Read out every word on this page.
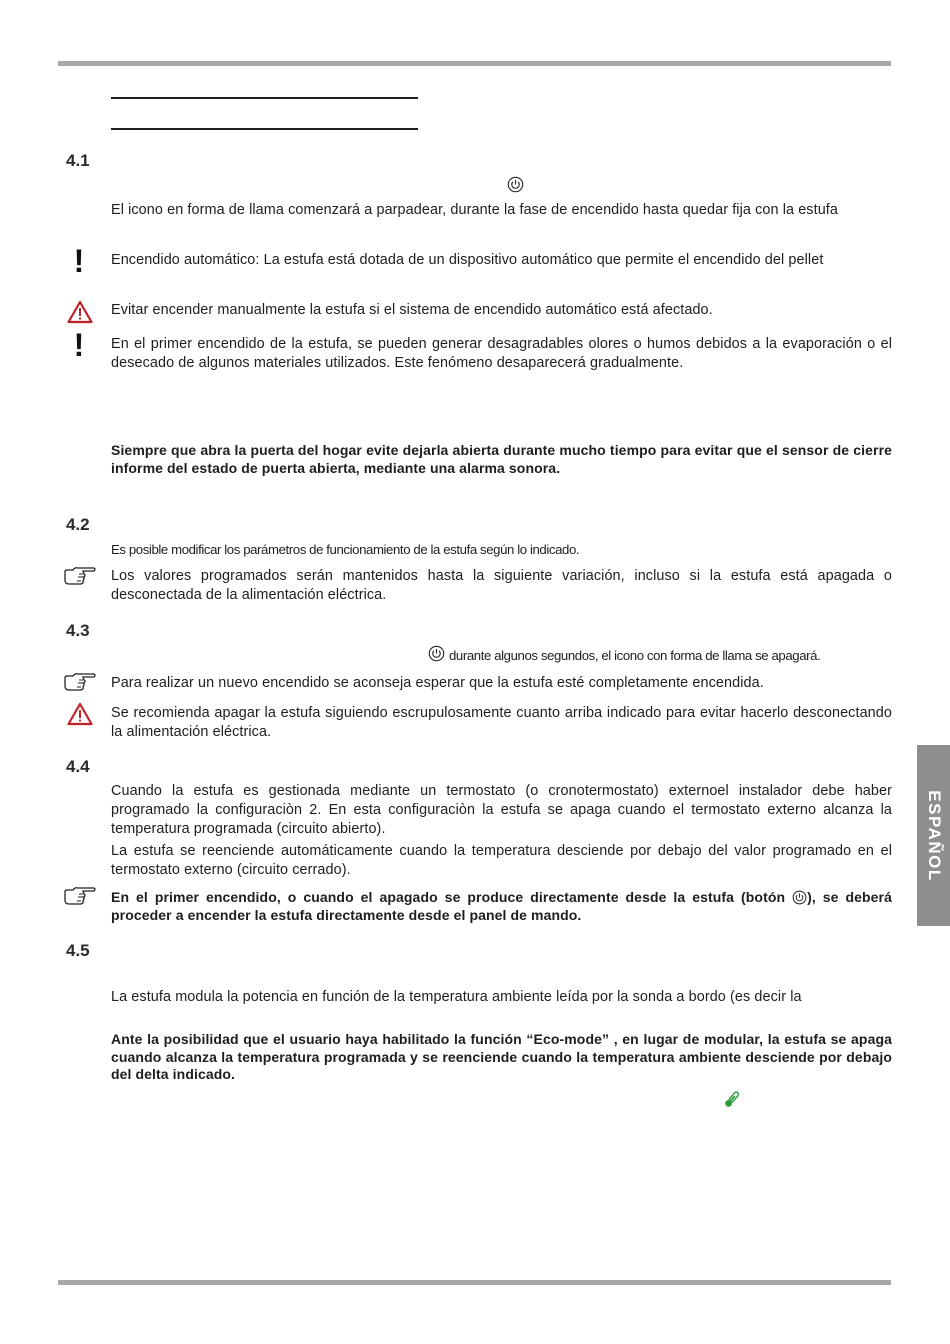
4.1

El icono en forma de llama comenzará a parpadear, durante la fase de encendido hasta quedar fija con la estufa

! Encendido automático: La estufa está dotada de un dispositivo automático que permite el encendido del pellet

Evitar encender manualmente la estufa si el sistema de encendido automático está afectado.

! En el primer encendido de la estufa, se pueden generar desagradables olores o humos debidos a la evaporación o el desecado de algunos materiales utilizados. Este fenómeno desaparecerá gradualmente.

Siempre que abra la puerta del hogar evite dejarla abierta durante mucho tiempo para evitar que el sensor de cierre informe del estado de puerta abierta, mediante una alarma sonora.

4.2

Es posible modificar los parámetros de funcionamiento de la estufa según lo indicado.

Los valores programados serán mantenidos hasta la siguiente variación, incluso si la estufa está apagada o desconectada de la alimentación eléctrica.

4.3

durante algunos segundos, el icono con forma de llama se apagará.

Para realizar un nuevo encendido se aconseja esperar que la estufa esté completamente encendida.

Se recomienda apagar la estufa siguiendo escrupulosamente cuanto arriba indicado para evitar hacerlo desconectando la alimentación eléctrica.

4.4

Cuando la estufa es gestionada mediante un termostato (o cronotermostato) externoel instalador debe haber programado la configuraciòn 2. En esta configuraciòn la estufa se apaga cuando el termostato externo alcanza la temperatura programada (circuito abierto).

La estufa se reenciende automáticamente cuando la temperatura desciende por debajo del valor programado en el termostato externo (circuito cerrado).

En el primer encendido, o cuando el apagado se produce directamente desde la estufa (botón ), se deberá proceder a encender la estufa directamente desde el panel de mando.

4.5

La estufa modula la potencia en función de la temperatura ambiente leída por la sonda a bordo (es decir la

Ante la posibilidad que el usuario haya habilitado la función “Eco-mode” , en lugar de modular, la estufa se apaga cuando alcanza la temperatura programada y se reenciende cuando la temperatura ambiente desciende por debajo del delta indicado.

ESPAÑOL
